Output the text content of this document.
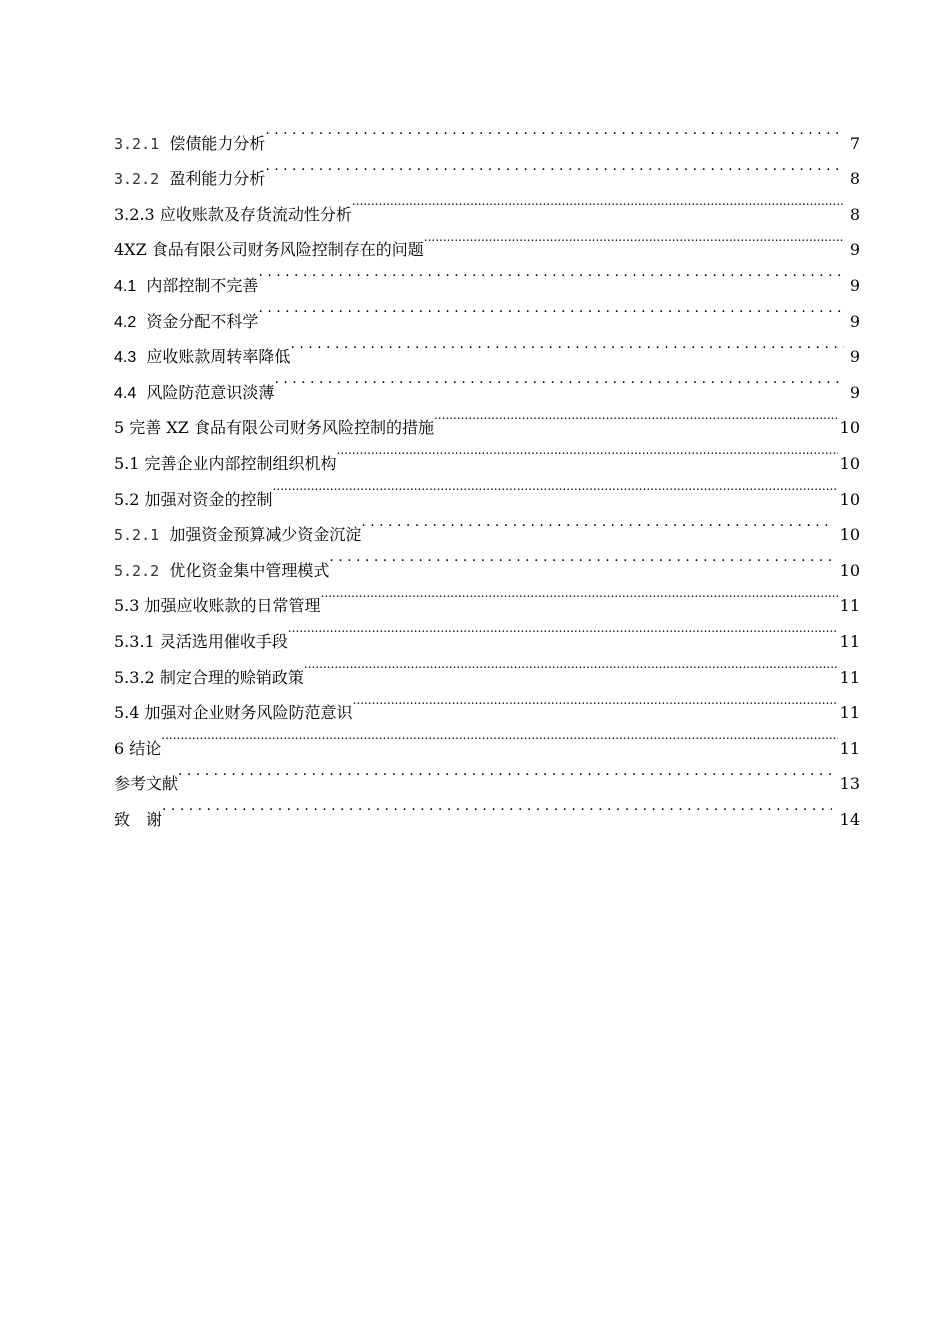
3.2.1 偿债能力分析 . . .	7
3.2.2 盈利能力分析 . . .	8
3.2.3 应收账款及存货流动性分析 .....	8
4XZ 食品有限公司财务风险控制存在的问题 .....	9
4.1 内部控制不完善 . . .	9
4.2 资金分配不科学 . . .	9
4.3 应收账款周转率降低 . . .	9
4.4 风险防范意识淡薄 . . .	9
5 完善 XZ 食品有限公司财务风险控制的措施 .....	10
5.1 完善企业内部控制组织机构 .....	10
5.2 加强对资金的控制 .....	10
5.2.1 加强资金预算减少资金沉淀 . . .	10
5.2.2 优化资金集中管理模式 . . .	10
5.3 加强应收账款的日常管理 .....	11
5.3.1 灵活选用催收手段 .....	11
5.3.2 制定合理的赊销政策 .....	11
5.4 加强对企业财务风险防范意识 .....	11
6 结论 .....	11
参考文献 . . .	13
致　谢 . . .	14
